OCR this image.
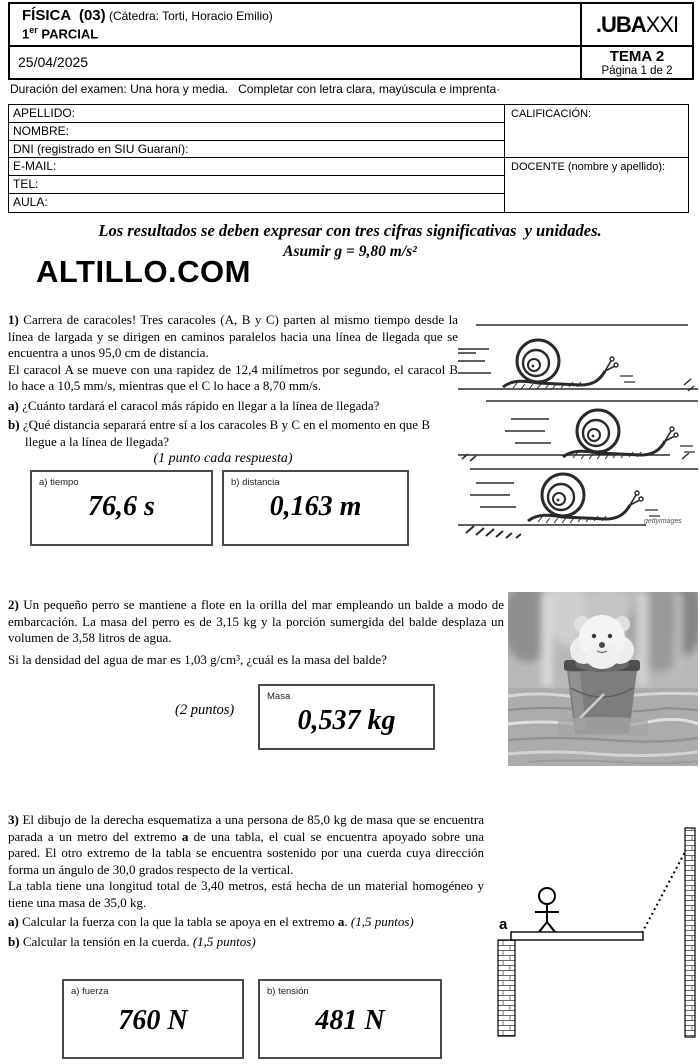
FÍSICA  (03) (Cátedra: Torti, Horacio Emilio)
1er PARCIAL	.UBA XXI
25/04/2025	TEMA 2
Página 1 de 2
Duración del examen: Una hora y media.   Completar con letra clara, mayúscula e imprenta·
APELLIDO:
NOMBRE:
DNI (registrado en SIU Guaraní):
E-MAIL:
TEL:
AULA:
CALIFICACIÓN:
DOCENTE (nombre y apellido):
Los resultados se deben expresar con tres cifras significativas  y unidades.
Asumir g = 9,80 m/s²
ALTILLO.COM
1) Carrera de caracoles! Tres caracoles (A, B y C) parten al mismo tiempo desde la línea de largada y se dirigen en caminos paralelos hacia una línea de llegada que se encuentra a unos 95,0 cm de distancia.
El caracol A se mueve con una rapidez de 12,4 milímetros por segundo, el caracol B lo hace a 10,5 mm/s, mientras que el C lo hace a 8,70 mm/s.
a) ¿Cuánto tardará el caracol más rápido en llegar a la línea de llegada?
b) ¿Qué distancia separará entre sí a los caracoles B y C en el momento en que B llegue a la línea de llegada?
(1 punto cada respuesta)
a) tiempo
76,6 s
b) distancia
0,163 m	gettyimages
2) Un pequeño perro se mantiene a flote en la orilla del mar empleando un balde a modo de embarcación. La masa del perro es de 3,15 kg y la porción sumergida del balde desplaza un volumen de 3,58 litros de agua.
Si la densidad del agua de mar es 1,03 g/cm³, ¿cuál es la masa del balde?
(2 puntos)
Masa
0,537 kg
3) El dibujo de la derecha esquematiza a una persona de 85,0 kg de masa que se encuentra parada a un metro del extremo a de una tabla, el cual se encuentra apoyado sobre una pared. El otro extremo de la tabla se encuentra sostenido por una cuerda cuya dirección forma un ángulo de 30,0 grados respecto de la vertical.
La tabla tiene una longitud total de 3,40 metros, está hecha de un material homogéneo y tiene una masa de 35,0 kg.
a) Calcular la fuerza con la que la tabla se apoya en el extremo a. (1,5 puntos)
b) Calcular la tensión en la cuerda. (1,5 puntos)
a) fuerza
760 N
b) tensión
481 N
a
